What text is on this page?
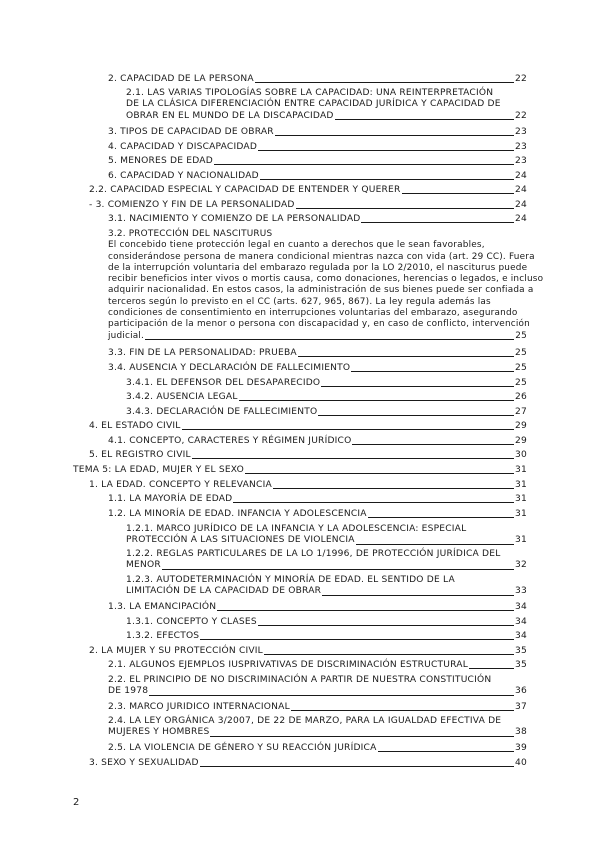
2. CAPACIDAD DE LA PERSONA	22
2.1. LAS VARIAS TIPOLOGÍAS SOBRE LA CAPACIDAD: UNA REINTERPRETACIÓN
DE LA CLÁSICA DIFERENCIACIÓN ENTRE CAPACIDAD JURÍDICA Y CAPACIDAD DE
OBRAR EN EL MUNDO DE LA DISCAPACIDAD	22
3. TIPOS DE CAPACIDAD DE OBRAR	23
4. CAPACIDAD Y DISCAPACIDAD	23
5. MENORES DE EDAD	23
6. CAPACIDAD Y NACIONALIDAD	24
2.2. CAPACIDAD ESPECIAL Y CAPACIDAD DE ENTENDER Y QUERER	24
- 3. COMIENZO Y FIN DE LA PERSONALIDAD	24
3.1. NACIMIENTO Y COMIENZO DE LA PERSONALIDAD	24
3.2. PROTECCIÓN DEL NASCITURUS
El concebido tiene protección legal en cuanto a derechos que le sean favorables,
considerándose persona de manera condicional mientras nazca con vida (art. 29 CC). Fuera
de la interrupción voluntaria del embarazo regulada por la LO 2/2010, el nasciturus puede
recibir beneficios inter vivos o mortis causa, como donaciones, herencias o legados, e incluso
adquirir nacionalidad. En estos casos, la administración de sus bienes puede ser confiada a
terceros según lo previsto en el CC (arts. 627, 965, 867). La ley regula además las
condiciones de consentimiento en interrupciones voluntarias del embarazo, asegurando
participación de la menor o persona con discapacidad y, en caso de conflicto, intervención
judicial.	25
3.3. FIN DE LA PERSONALIDAD: PRUEBA	25
3.4. AUSENCIA Y DECLARACIÓN DE FALLECIMIENTO	25
3.4.1. EL DEFENSOR DEL DESAPARECIDO	25
3.4.2. AUSENCIA LEGAL	26
3.4.3. DECLARACIÓN DE FALLECIMIENTO	27
4. EL ESTADO CIVIL	29
4.1. CONCEPTO, CARACTERES Y RÉGIMEN JURÍDICO	29
5. EL REGISTRO CIVIL	30
TEMA 5: LA EDAD, MUJER Y EL SEXO	31
1. LA EDAD. CONCEPTO Y RELEVANCIA	31
1.1. LA MAYORÍA DE EDAD	31
1.2. LA MINORÍA DE EDAD. INFANCIA Y ADOLESCENCIA	31
1.2.1. MARCO JURÍDICO DE LA INFANCIA Y LA ADOLESCENCIA: ESPECIAL
PROTECCIÓN A LAS SITUACIONES DE VIOLENCIA	31
1.2.2. REGLAS PARTICULARES DE LA LO 1/1996, DE PROTECCIÓN JURÍDICA DEL
MENOR	32
1.2.3. AUTODETERMINACIÓN Y MINORÍA DE EDAD. EL SENTIDO DE LA
LIMITACIÓN DE LA CAPACIDAD DE OBRAR	33
1.3. LA EMANCIPACIÓN	34
1.3.1. CONCEPTO Y CLASES	34
1.3.2. EFECTOS	34
2. LA MUJER Y SU PROTECCIÓN CIVIL	35
2.1. ALGUNOS EJEMPLOS IUSPRIVATIVAS DE DISCRIMINACIÓN ESTRUCTURAL	35
2.2. EL PRINCIPIO DE NO DISCRIMINACIÓN A PARTIR DE NUESTRA CONSTITUCIÓN
DE 1978	36
2.3. MARCO JURIDICO INTERNACIONAL	37
2.4. LA LEY ORGÁNICA 3/2007, DE 22 DE MARZO, PARA LA IGUALDAD EFECTIVA DE
MUJERES Y HOMBRES	38
2.5. LA VIOLENCIA DE GÉNERO Y SU REACCIÓN JURÍDICA	39
3. SEXO Y SEXUALIDAD	40
2
